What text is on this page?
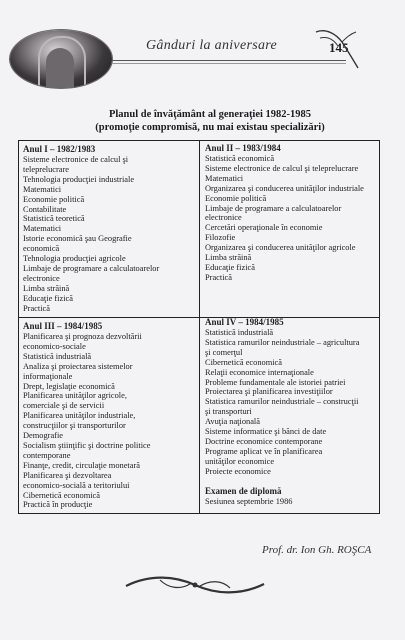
Gânduri la aniversare	145
Planul de învăţământ al generaţiei 1982-1985
(promoţie compromisă, nu mai existau specializări)
Anul I – 1982/1983
Sisteme electronice de calcul şi
teleprelucrare
Tehnologia producţiei industriale
Matematici
Economie politică
Contabilitate
Statistică teoretică
Matematici
Istorie economică şau Geografie
economică
Tehnologia producţiei agricole
Limbaje de programare a calculatoarelor
electronice
Limba străină
Educaţie fizică
Practică
Anul II – 1983/1984
Statistică economică
Sisteme electronice de calcul şi teleprelucrare
Matematici
Organizarea şi conducerea unităţilor industriale
Economie politică
Limbaje de programare a calculatoarelor
electronice
Cercetări operaţionale în economie
Filozofie
Organizarea şi conducerea unităţilor agricole
Limba străină
Educaţie fizică
Practică
Anul III – 1984/1985
Planificarea şi prognoza dezvoltării
economico-sociale
Statistică industrială
Analiza şi proiectarea sistemelor
informaţionale
Drept, legislaţie economică
Planificarea unităţilor agricole,
comerciale şi de servicii
Planificarea unităţilor industriale,
construcţiilor şi transporturilor
Demografie
Socialism ştiinţific şi doctrine politice
contemporane
Finanţe, credit, circulaţie monetară
Planificarea şi dezvoltarea
economico-socială a teritoriului
Cibernetică economică
Practică în producţie
Anul IV – 1984/1985
Statistică industrială
Statistica ramurilor neindustriale – agricultura
şi comerţul
Cibernetică economică
Relaţii economice internaţionale
Probleme fundamentale ale istoriei patriei
Proiectarea şi planificarea investiţiilor
Statistica ramurilor neindustriale – construcţii
şi transporturi
Avuţia naţională
Sisteme informatice şi bănci de date
Doctrine economice contemporane
Programe aplicat ve în planificarea
unităţilor economice
Proiecte economice
Examen de diplomă
Sesiunea septembrie 1986
Prof. dr. Ion Gh. ROŞCA
